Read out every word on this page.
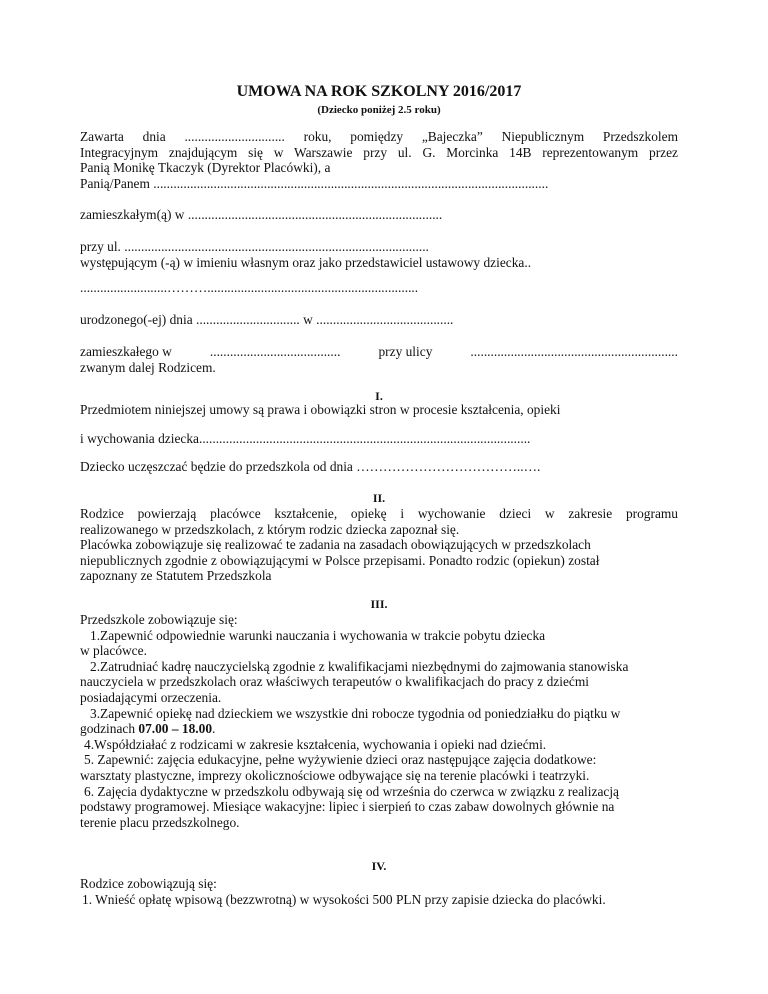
UMOWA NA ROK SZKOLNY 2016/2017
(Dziecko poniżej 2.5 roku)
Zawarta dnia .............................. roku, pomiędzy „Bajeczka” Niepublicznym Przedszkolem
Integracyjnym znajdującym się w Warszawie przy ul. G. Morcinka 14B reprezentowanym przez
Panią Monikę Tkaczyk (Dyrektor Placówki), a
Panią/Panem ......................................................................................................................
zamieszkałym(ą) w ............................................................................
przy ul. ...........................................................................................
występującym (-ą) w imieniu własnym oraz jako przedstawiciel ustawowy dziecka..
..........................………...............................................................
urodzonego(-ej) dnia ............................... w .........................................
zamieszkałego w	.......................................	przy ulicy	..............................................................
zwanym dalej Rodzicem.
I.
Przedmiotem niniejszej umowy są prawa i obowiązki stron w procesie kształcenia, opieki
i wychowania dziecka...................................................................................................
Dziecko uczęszczać będzie do przedszkola od dnia ………………………………..….
II.
Rodzice powierzają placówce kształcenie, opiekę i wychowanie dzieci w zakresie programu
realizowanego w przedszkolach, z którym rodzic dziecka zapoznał się.
Placówka zobowiązuje się realizować te zadania na zasadach obowiązujących w przedszkolach
niepublicznych zgodnie z obowiązującymi w Polsce przepisami. Ponadto rodzic (opiekun) został
zapoznany ze Statutem Przedszkola
III.
Przedszkole zobowiązuje się:
1.Zapewnić odpowiednie warunki nauczania i wychowania w trakcie pobytu dziecka
w placówce.
2.Zatrudniać kadrę nauczycielską zgodnie z kwalifikacjami niezbędnymi do zajmowania stanowiska
nauczyciela w przedszkolach oraz właściwych terapeutów o kwalifikacjach do pracy z dziećmi
posiadającymi orzeczenia.
3.Zapewnić opiekę nad dzieckiem we wszystkie dni robocze tygodnia od poniedziałku do piątku w
godzinach 07.00 – 18.00.
4.Współdziałać z rodzicami w zakresie kształcenia, wychowania i opieki nad dziećmi.
5. Zapewnić: zajęcia edukacyjne, pełne wyżywienie dzieci oraz następujące zajęcia dodatkowe:
warsztaty plastyczne, imprezy okolicznościowe odbywające się na terenie placówki i teatrzyki.
6. Zajęcia dydaktyczne w przedszkolu odbywają się od września do czerwca w związku z realizacją
podstawy programowej. Miesiące wakacyjne: lipiec i sierpień to czas zabaw dowolnych głównie na
terenie placu przedszkolnego.
IV.
Rodzice zobowiązują się:
1. Wnieść opłatę wpisową (bezzwrotną) w wysokości 500 PLN przy zapisie dziecka do placówki.
